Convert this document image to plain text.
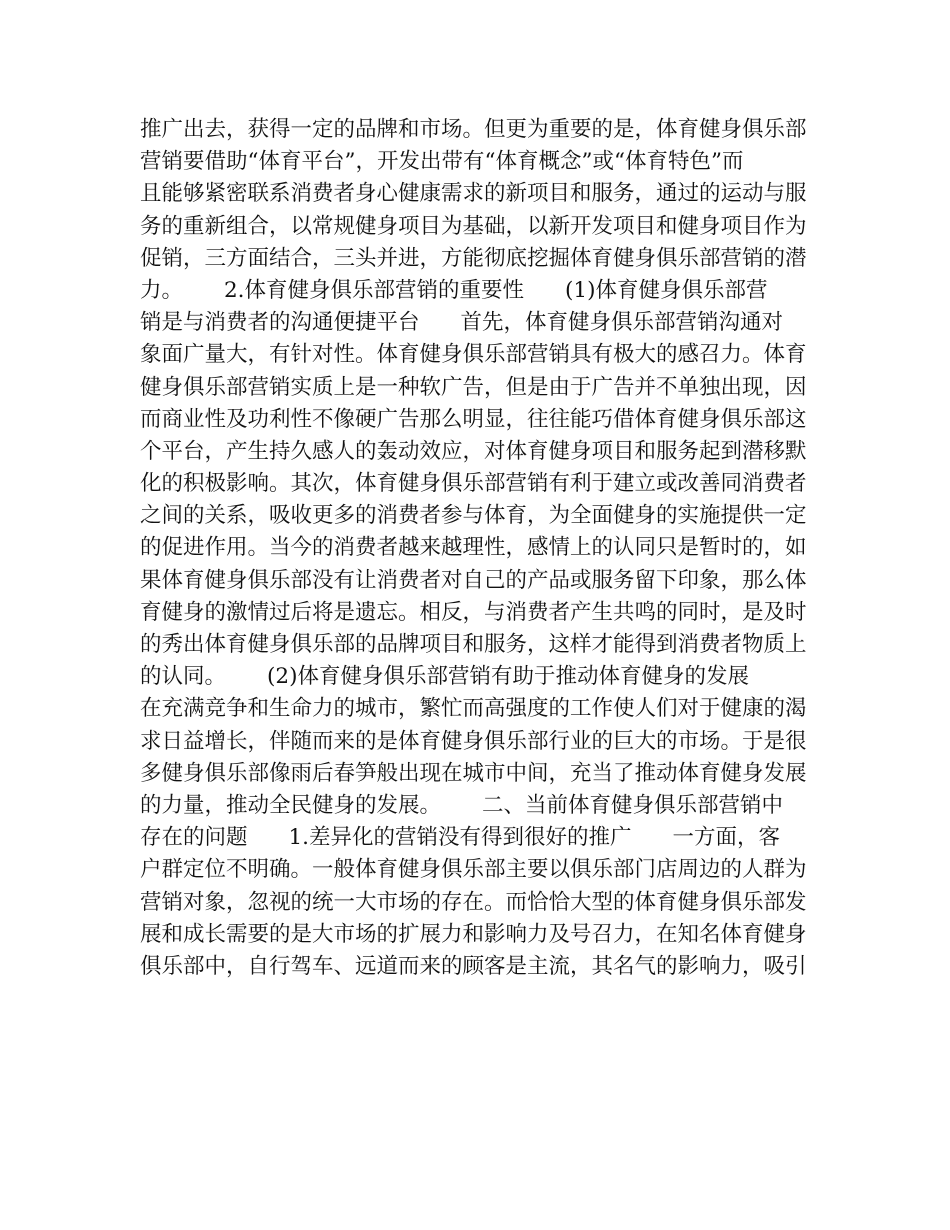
推广出去，获得一定的品牌和市场。但更为重要的是，体育健身俱乐部
营销要借助“体育平台”，开发出带有“体育概念”或“体育特色”而
且能够紧密联系消费者身心健康需求的新项目和服务，通过的运动与服
务的重新组合，以常规健身项目为基础，以新开发项目和健身项目作为
促销，三方面结合，三头并进，方能彻底挖掘体育健身俱乐部营销的潜
力。      2.体育健身俱乐部营销的重要性      (1)体育健身俱乐部营
销是与消费者的沟通便捷平台      首先，体育健身俱乐部营销沟通对
象面广量大，有针对性。体育健身俱乐部营销具有极大的感召力。体育
健身俱乐部营销实质上是一种软广告，但是由于广告并不单独出现，因
而商业性及功利性不像硬广告那么明显，往往能巧借体育健身俱乐部这
个平台，产生持久感人的轰动效应，对体育健身项目和服务起到潜移默
化的积极影响。其次，体育健身俱乐部营销有利于建立或改善同消费者
之间的关系，吸收更多的消费者参与体育，为全面健身的实施提供一定
的促进作用。当今的消费者越来越理性，感情上的认同只是暂时的，如
果体育健身俱乐部没有让消费者对自己的产品或服务留下印象，那么体
育健身的激情过后将是遗忘。相反，与消费者产生共鸣的同时，是及时
的秀出体育健身俱乐部的品牌项目和服务，这样才能得到消费者物质上
的认同。      (2)体育健身俱乐部营销有助于推动体育健身的发展
在充满竞争和生命力的城市，繁忙而高强度的工作使人们对于健康的渴
求日益增长，伴随而来的是体育健身俱乐部行业的巨大的市场。于是很
多健身俱乐部像雨后春笋般出现在城市中间，充当了推动体育健身发展
的力量，推动全民健身的发展。      二、当前体育健身俱乐部营销中
存在的问题      1.差异化的营销没有得到很好的推广      一方面，客
户群定位不明确。一般体育健身俱乐部主要以俱乐部门店周边的人群为
营销对象，忽视的统一大市场的存在。而恰恰大型的体育健身俱乐部发
展和成长需要的是大市场的扩展力和影响力及号召力，在知名体育健身
俱乐部中，自行驾车、远道而来的顾客是主流，其名气的影响力，吸引
